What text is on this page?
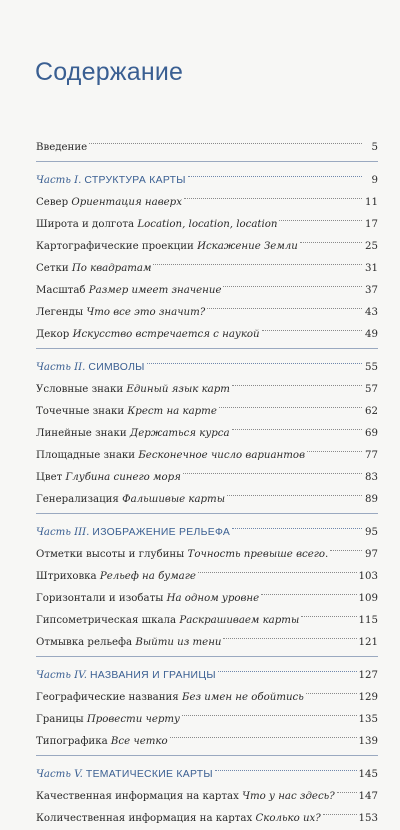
Содержание
Введение	5
Часть I. СТРУКТУРА КАРТЫ	9
Север Ориентация наверх	11
Широта и долгота Location, location, location	17
Картографические проекции Искажение Земли	25
Сетки По квадратам	31
Масштаб Размер имеет значение	37
Легенды Что все это значит?	43
Декор Искусство встречается с наукой	49
Часть II. СИМВОЛЫ	55
Условные знаки Единый язык карт	57
Точечные знаки Крест на карте	62
Линейные знаки Держаться курса	69
Площадные знаки Бесконечное число вариантов	77
Цвет Глубина синего моря	83
Генерализация Фальшивые карты	89
Часть III. ИЗОБРАЖЕНИЕ РЕЛЬЕФА	95
Отметки высоты и глубины Точность превыше всего.	97
Штриховка Рельеф на бумаге	103
Горизонтали и изобаты На одном уровне	109
Гипсометрическая шкала Раскрашиваем карты	115
Отмывка рельефа Выйти из тени	121
Часть IV. НАЗВАНИЯ И ГРАНИЦЫ	127
Географические названия Без имен не обойтись	129
Границы Провести черту	135
Типографика Все четко	139
Часть V. ТЕМАТИЧЕСКИЕ КАРТЫ	145
Качественная информация на картах Что у нас здесь? 147
Количественная информация на картах Сколько их?	153
